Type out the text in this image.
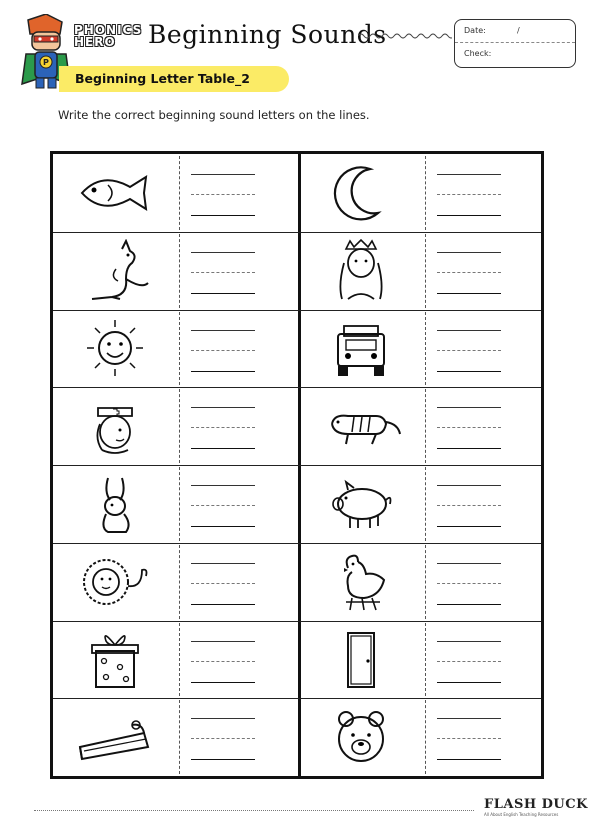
P
PHONICS
HERO	Beginning Sounds	Date:	/
Check:
Beginning Letter Table_2
Write the correct beginning sound letters on the lines.
FLASH DUCK
All About English Teaching Resources
